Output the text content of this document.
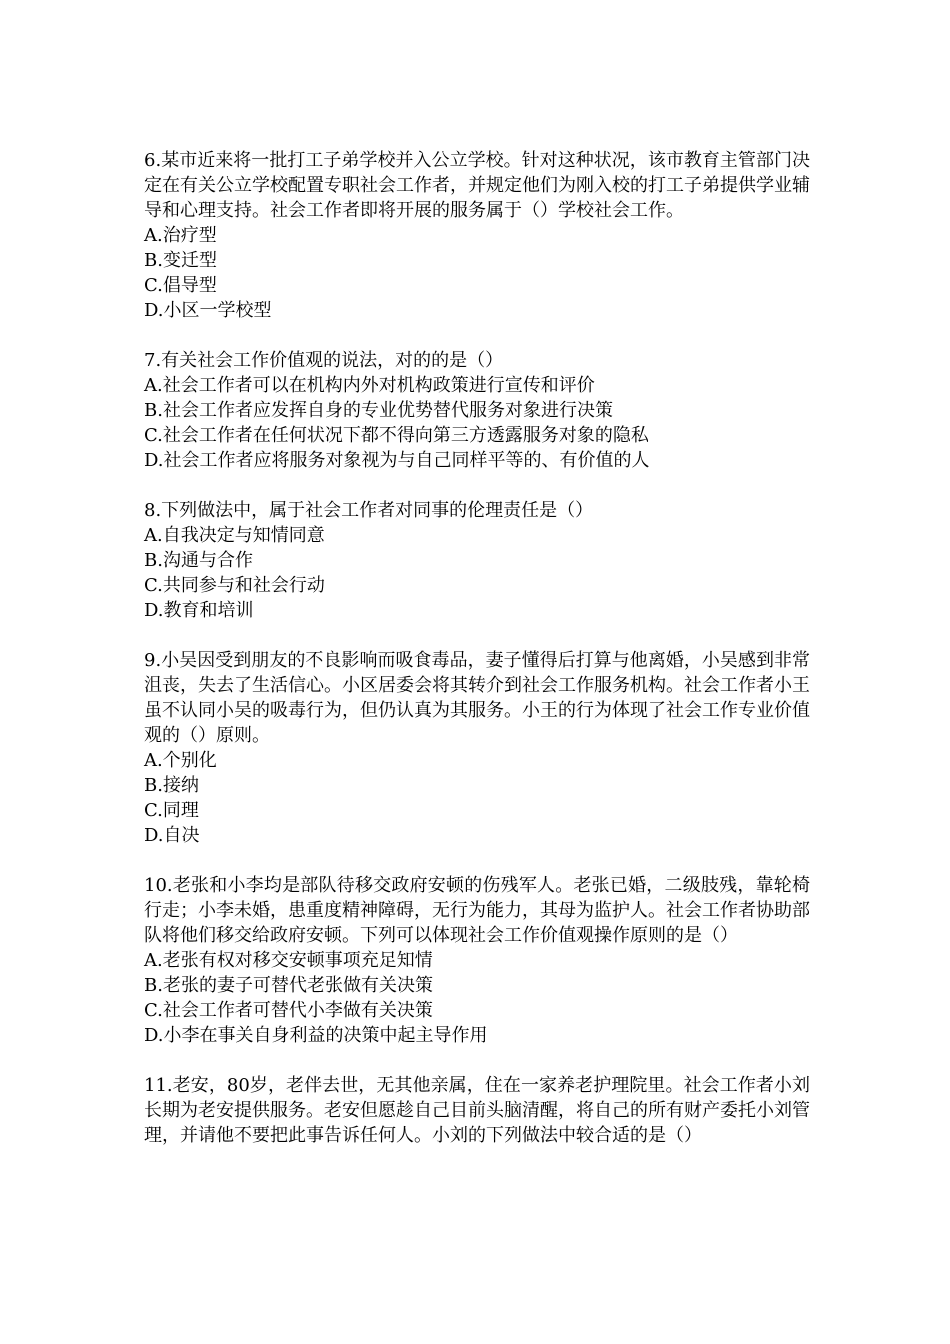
6.某市近来将一批打工子弟学校并入公立学校。针对这种状况，该市教育主管部门决定在有关公立学校配置专职社会工作者，并规定他们为刚入校的打工子弟提供学业辅导和心理支持。社会工作者即将开展的服务属于（）学校社会工作。

A.治疗型
B.变迁型
C.倡导型
D.小区一学校型

7.有关社会工作价值观的说法，对的的是（）

A.社会工作者可以在机构内外对机构政策进行宣传和评价
B.社会工作者应发挥自身的专业优势替代服务对象进行决策
C.社会工作者在任何状况下都不得向第三方透露服务对象的隐私
D.社会工作者应将服务对象视为与自己同样平等的、有价值的人

8.下列做法中，属于社会工作者对同事的伦理责任是（）

A.自我决定与知情同意
B.沟通与合作
C.共同参与和社会行动
D.教育和培训

9.小吴因受到朋友的不良影响而吸食毒品，妻子懂得后打算与他离婚，小吴感到非常沮丧，失去了生活信心。小区居委会将其转介到社会工作服务机构。社会工作者小王虽不认同小吴的吸毒行为，但仍认真为其服务。小王的行为体现了社会工作专业价值观的（）原则。

A.个别化
B.接纳
C.同理
D.自决

10.老张和小李均是部队待移交政府安顿的伤残军人。老张已婚，二级肢残，靠轮椅行走；小李未婚，患重度精神障碍，无行为能力，其母为监护人。社会工作者协助部队将他们移交给政府安顿。下列可以体现社会工作价值观操作原则的是（）

A.老张有权对移交安顿事项充足知情
B.老张的妻子可替代老张做有关决策
C.社会工作者可替代小李做有关决策
D.小李在事关自身利益的决策中起主导作用

11.老安，80岁，老伴去世，无其他亲属，住在一家养老护理院里。社会工作者小刘长期为老安提供服务。老安但愿趁自己目前头脑清醒，将自己的所有财产委托小刘管理，并请他不要把此事告诉任何人。小刘的下列做法中较合适的是（）
